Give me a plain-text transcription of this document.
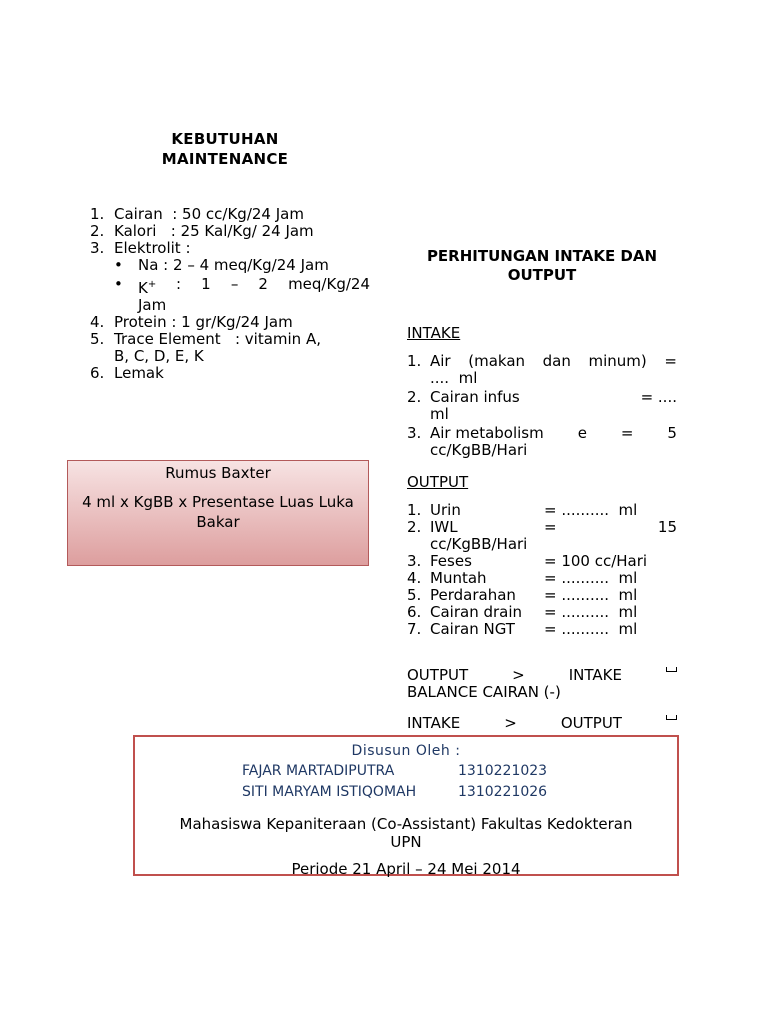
KEBUTUHAN
MAINTENANCE
1. Cairan  : 50 cc/Kg/24 Jam
2. Kalori   : 25 Kal/Kg/ 24 Jam
3. Elektrolit :
•	Na : 2 – 4 meq/Kg/24 Jam
•	K+	: 1 – 2 meq/Kg/24
Jam
4. Protein : 1 gr/Kg/24 Jam
5. Trace Element   : vitamin A,
B, C, D, E, K
6. Lemak
Rumus Baxter
4 ml x KgBB x Presentase Luas Luka Bakar
PERHITUNGAN INTAKE DAN OUTPUT
INTAKE
1. Air (makan dan minum) =
....  ml
2. Cairan infus	= ....
ml
3. Air metabolism e = 5
cc/KgBB/Hari
OUTPUT
1. Urin	= ..........  ml
2. IWL	=	15
cc/KgBB/Hari
3. Feses	= 100 cc/Hari
4. Muntah	= ..........  ml
5. Perdarahan	= ..........  ml
6. Cairan drain	= ..........  ml
7. Cairan NGT	= ..........  ml
OUTPUT	>	INTAKE
BALANCE CAIRAN (-)
INTAKE	>	OUTPUT
Disusun Oleh :
FAJAR MARTADIPUTRA	1310221023
SITI MARYAM ISTIQOMAH	1310221026
Mahasiswa Kepaniteraan (Co-Assistant) Fakultas Kedokteran UPN
Periode 21 April – 24 Mei 2014
